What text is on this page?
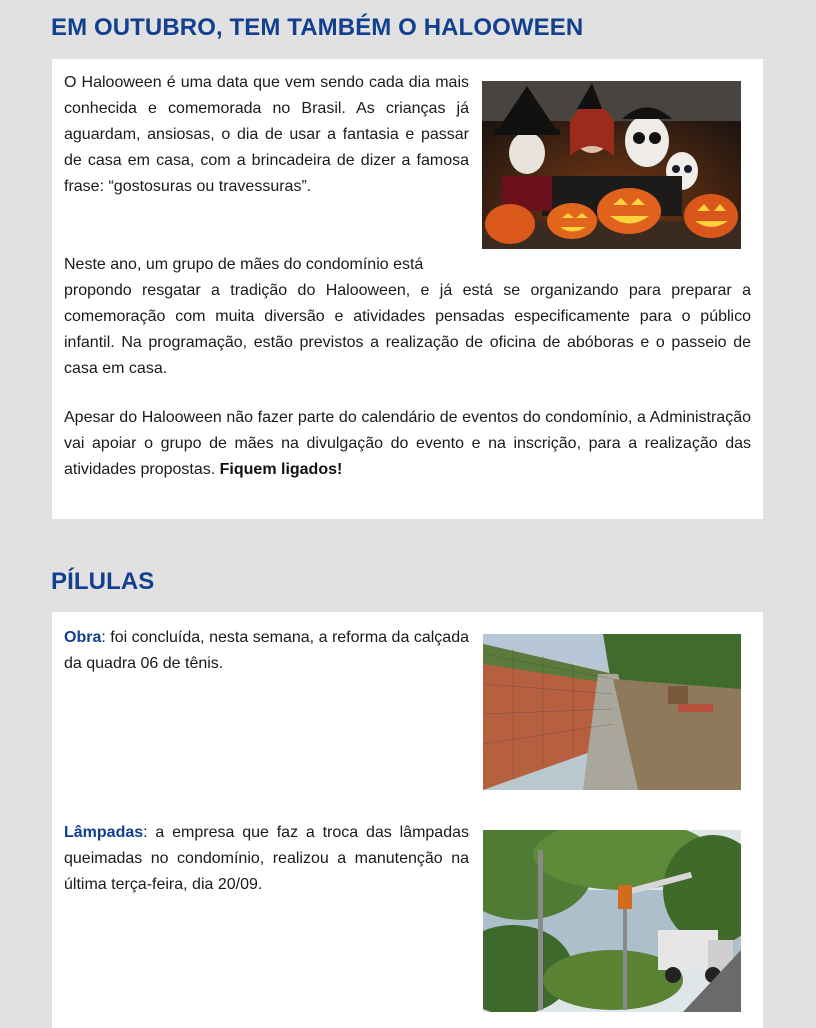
EM OUTUBRO, TEM TAMBÉM O HALOOWEEN

O Halooween é uma data que vem sendo cada dia mais conhecida e comemorada no Brasil. As crianças já aguardam, ansiosas, o dia de usar a fantasia e passar de casa em casa, com a brincadeira de dizer a famosa frase: “gostosuras ou travessuras”.

Neste ano, um grupo de mães do condomínio está

propondo resgatar a tradição do Halooween, e já está se organizando para preparar a comemoração com muita diversão e atividades pensadas especificamente para o público infantil. Na programação, estão previstos a realização de oficina de abóboras e o passeio de casa em casa.

Apesar do Halooween não fazer parte do calendário de eventos do condomínio, a Administração vai apoiar o grupo de mães na divulgação do evento e na inscrição, para a realização das atividades propostas. Fiquem ligados!

PÍLULAS

Obra: foi concluída, nesta semana, a reforma da calçada da quadra 06 de tênis.

Lâmpadas: a empresa que faz a troca das lâmpadas queimadas no condomínio, realizou a manutenção na última terça-feira, dia 20/09.
